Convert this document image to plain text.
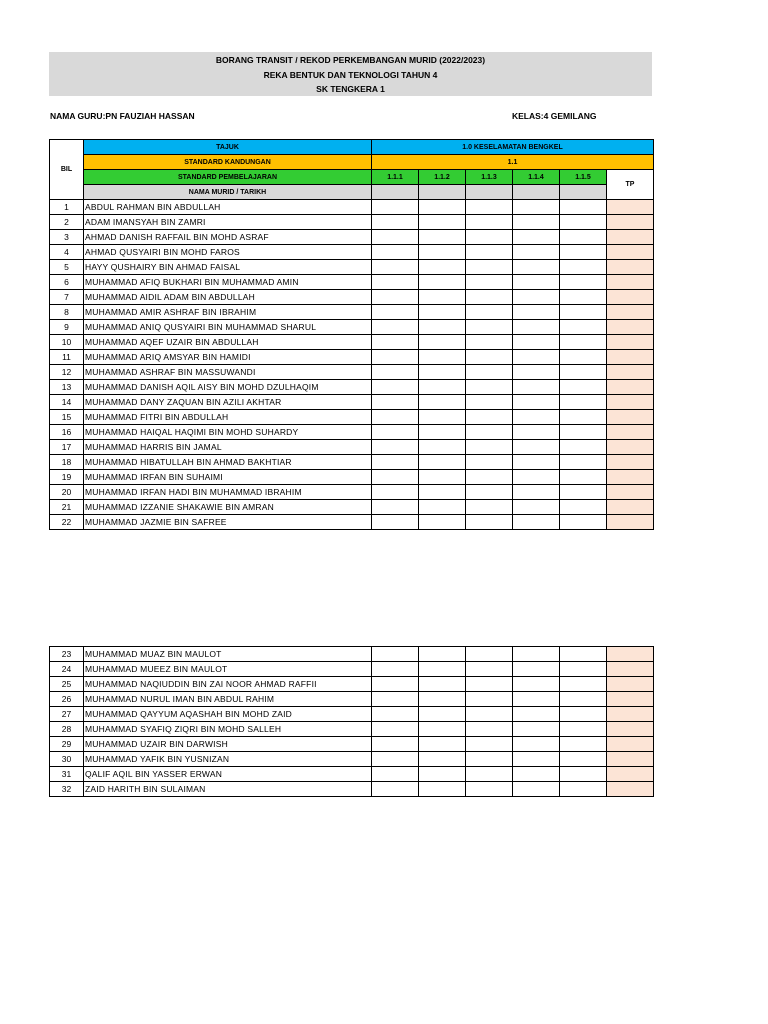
BORANG TRANSIT / REKOD PERKEMBANGAN MURID (2022/2023)
REKA BENTUK DAN TEKNOLOGI TAHUN 4
SK TENGKERA 1
NAMA GURU:PN FAUZIAH HASSAN	KELAS:4 GEMILANG
BIL	TAJUK	1.0 KESELAMATAN BENGKEL					
	STANDARD KANDUNGAN	1.1					
	STANDARD PEMBELAJARAN	1.1.1	1.1.2	1.1.3	1.1.4	1.1.5	TP
	NAMA MURID / TARIKH						
1	ABDUL RAHMAN BIN ABDULLAH						
2	ADAM IMANSYAH BIN ZAMRI						
3	AHMAD DANISH RAFFAIL BIN MOHD ASRAF						
4	AHMAD QUSYAIRI BIN MOHD FAROS						
5	HAYY QUSHAIRY BIN AHMAD FAISAL						
6	MUHAMMAD AFIQ BUKHARI BIN MUHAMMAD AMIN						
7	MUHAMMAD AIDIL ADAM BIN ABDULLAH						
8	MUHAMMAD AMIR ASHRAF BIN IBRAHIM						
9	MUHAMMAD ANIQ QUSYAIRI BIN MUHAMMAD SHARUL						
10	MUHAMMAD AQEF UZAIR BIN ABDULLAH						
11	MUHAMMAD ARIQ AMSYAR BIN HAMIDI						
12	MUHAMMAD ASHRAF BIN MASSUWANDI						
13	MUHAMMAD DANISH AQIL AISY BIN MOHD DZULHAQIM						
14	MUHAMMAD DANY ZAQUAN BIN AZILI AKHTAR						
15	MUHAMMAD FITRI BIN ABDULLAH						
16	MUHAMMAD HAIQAL HAQIMI BIN MOHD SUHARDY						
17	MUHAMMAD HARRIS BIN JAMAL						
18	MUHAMMAD HIBATULLAH BIN AHMAD BAKHTIAR						
19	MUHAMMAD IRFAN BIN SUHAIMI						
20	MUHAMMAD IRFAN HADI BIN MUHAMMAD IBRAHIM						
21	MUHAMMAD IZZANIE SHAKAWIE BIN AMRAN						
22	MUHAMMAD JAZMIE BIN SAFREE						
23	MUHAMMAD MUAZ BIN MAULOT						
24	MUHAMMAD MUEEZ BIN MAULOT						
25	MUHAMMAD NAQIUDDIN BIN ZAI NOOR AHMAD RAFFII						
26	MUHAMMAD NURUL IMAN BIN ABDUL RAHIM						
27	MUHAMMAD QAYYUM AQASHAH BIN MOHD ZAID						
28	MUHAMMAD SYAFIQ ZIQRI BIN MOHD SALLEH						
29	MUHAMMAD UZAIR BIN DARWISH						
30	MUHAMMAD YAFIK BIN YUSNIZAN						
31	QALIF AQIL BIN YASSER ERWAN						
32	ZAID HARITH BIN SULAIMAN						
